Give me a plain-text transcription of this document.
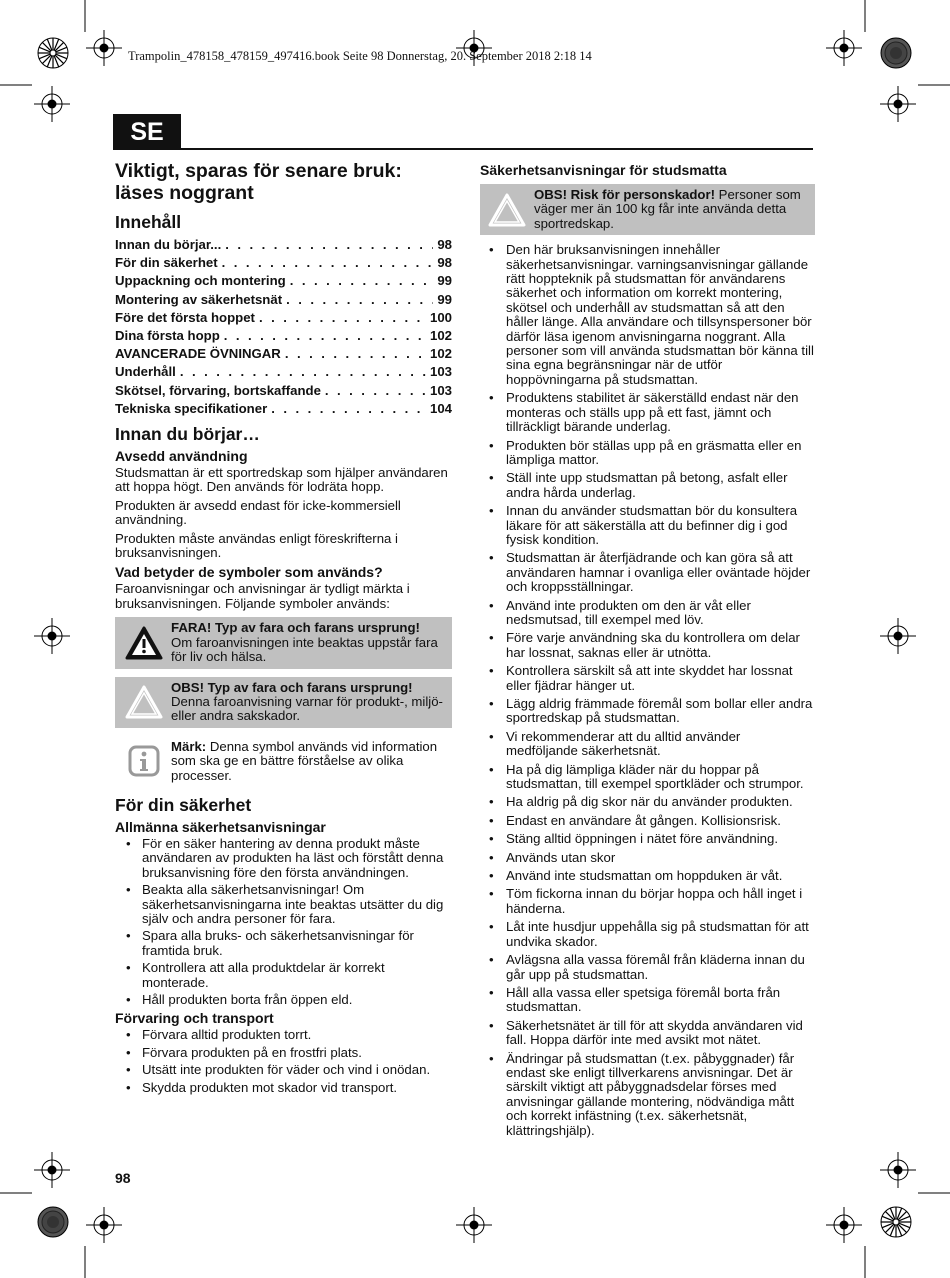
Trampolin_478158_478159_497416.book Seite 98 Donnerstag, 20. September 2018 2:18 14
SE
Viktigt, sparas för senare bruk: läses noggrant
Innehåll
Innan du börjar... . . .	98
För din säkerhet . . .	98
Uppackning och montering . . .	99
Montering av säkerhetsnät . . .	99
Före det första hoppet . . .	100
Dina första hopp . . .	102
AVANCERADE ÖVNINGAR . . .	102
Underhåll . . .	103
Skötsel, förvaring, bortskaffande . . .	103
Tekniska specifikationer . . .	104
Innan du börjar…
Avsedd användning

Studsmattan är ett sportredskap som hjälper användaren att hoppa högt. Den används för lodräta hopp.

Produkten är avsedd endast för icke-kommersiell användning.

Produkten måste användas enligt föreskrifterna i bruksanvisningen.

Vad betyder de symboler som används?

Faroanvisningar och anvisningar är tydligt märkta i bruksanvisningen. Följande symboler används:

FARA! Typ av fara och farans ursprung!
Om faroanvisningen inte beaktas uppstår fara för liv och hälsa.
OBS! Typ av fara och farans ursprung!
Denna faroanvisning varnar för produkt-, miljö- eller andra sakskador.
Märk: Denna symbol används vid information som ska ge en bättre förståelse av olika processer.
För din säkerhet
Allmänna säkerhetsanvisningar
• För en säker hantering av denna produkt måste användaren av produkten ha läst och förstått denna bruksanvisning före den första användningen.
• Beakta alla säkerhetsanvisningar! Om säkerhetsanvisningarna inte beaktas utsätter du dig själv och andra personer för fara.
• Spara alla bruks- och säkerhetsanvisningar för framtida bruk.
• Kontrollera att alla produktdelar är korrekt monterade.
• Håll produkten borta från öppen eld.
Förvaring och transport
• Förvara alltid produkten torrt.
• Förvara produkten på en frostfri plats.
• Utsätt inte produkten för väder och vind i onödan.
• Skydda produkten mot skador vid transport.
Säkerhetsanvisningar för studsmatta
OBS! Risk för personskador! Personer som väger mer än 100 kg får inte använda detta sportredskap.
• Den här bruksanvisningen innehåller säkerhetsanvisningar. varningsanvisningar gällande rätt hoppteknik på studsmattan för användarens säkerhet och information om korrekt montering, skötsel och underhåll av studsmattan så att den håller länge. Alla användare och tillsynspersoner bör därför läsa igenom anvisningarna noggrant. Alla personer som vill använda studsmattan bör känna till sina egna begränsningar när de utför hoppövningarna på studsmattan.
• Produktens stabilitet är säkerställd endast när den monteras och ställs upp på ett fast, jämnt och tillräckligt bärande underlag.
• Produkten bör ställas upp på en gräsmatta eller en lämpliga mattor.
• Ställ inte upp studsmattan på betong, asfalt eller andra hårda underlag.
• Innan du använder studsmattan bör du konsultera läkare för att säkerställa att du befinner dig i god fysisk kondition.
• Studsmattan är återfjädrande och kan göra så att användaren hamnar i ovanliga eller oväntade höjder och kroppsställningar.
• Använd inte produkten om den är våt eller nedsmutsad, till exempel med löv.
• Före varje användning ska du kontrollera om delar har lossnat, saknas eller är utnötta.
• Kontrollera särskilt så att inte skyddet har lossnat eller fjädrar hänger ut.
• Lägg aldrig främmade föremål som bollar eller andra sportredskap på studsmattan.
• Vi rekommenderar att du alltid använder medföljande säkerhetsnät.
• Ha på dig lämpliga kläder när du hoppar på studsmattan, till exempel sportkläder och strumpor.
• Ha aldrig på dig skor när du använder produkten.
• Endast en användare åt gången. Kollisionsrisk.
• Stäng alltid öppningen i nätet före användning.
• Används utan skor
• Använd inte studsmattan om hoppduken är våt.
• Töm fickorna innan du börjar hoppa och håll inget i händerna.
• Låt inte husdjur uppehålla sig på studsmattan för att undvika skador.
• Avlägsna alla vassa föremål från kläderna innan du går upp på studsmattan.
• Håll alla vassa eller spetsiga föremål borta från studsmattan.
• Säkerhetsnätet är till för att skydda användaren vid fall. Hoppa därför inte med avsikt mot nätet.
• Ändringar på studsmattan (t.ex. påbyggnader) får endast ske enligt tillverkarens anvisningar. Det är särskilt viktigt att påbyggnadsdelar förses med anvisningar gällande montering, nödvändiga mått och korrekt infästning (t.ex. säkerhetsnät, klättringshjälp).
98
